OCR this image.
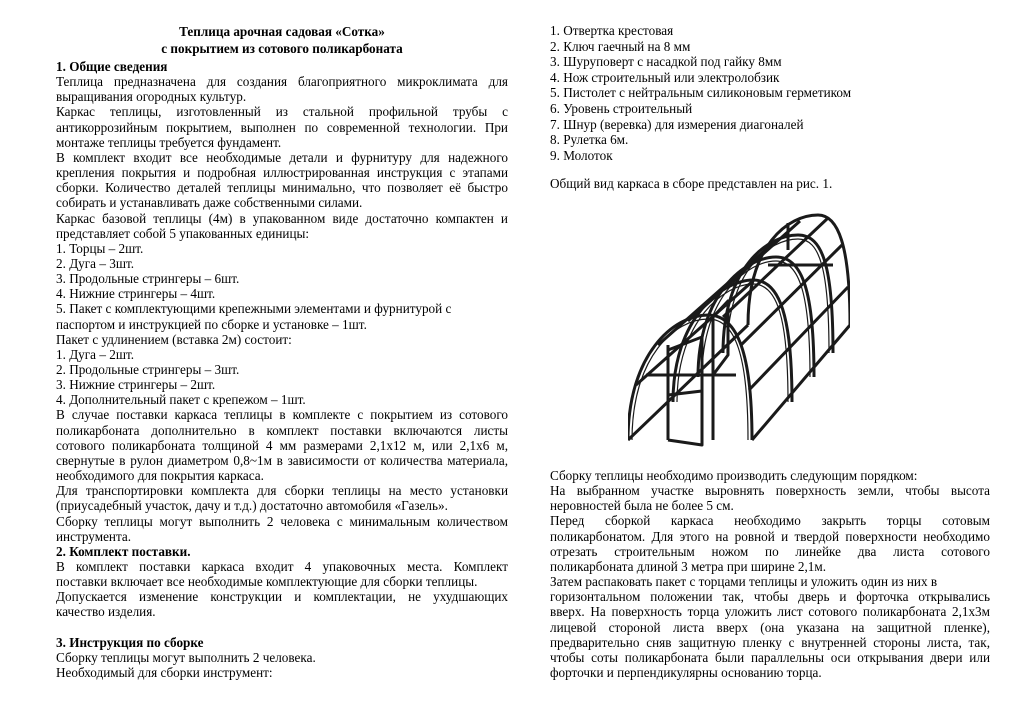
Теплица арочная садовая «Сотка»
с покрытием из сотового поликарбоната
1. Общие сведения
Теплица предназначена для создания благоприятного микроклимата для
выращивания огородных культур.
Каркас теплицы, изготовленный из стальной профильной трубы с
антикоррозийным покрытием, выполнен по современной технологии. При
монтаже теплицы требуется фундамент.
В комплект входит все необходимые детали и фурнитуру для надежного
крепления покрытия и подробная иллюстрированная инструкция с этапами
сборки. Количество деталей теплицы минимально, что позволяет её быстро
собирать и устанавливать даже собственными силами.
Каркас базовой теплицы (4м) в упакованном виде достаточно компактен и
представляет собой 5 упакованных единицы:
1. Торцы – 2шт.
2. Дуга – 3шт.
3. Продольные стрингеры – 6шт.
4. Нижние стрингеры – 4шт.
5. Пакет с комплектующими крепежными элементами и фурнитурой с
паспортом и инструкцией по сборке и установке – 1шт.
Пакет с удлинением (вставка 2м) состоит:
1. Дуга – 2шт.
2. Продольные стрингеры – 3шт.
3. Нижние стрингеры – 2шт.
4. Дополнительный пакет с крепежом – 1шт.
В случае поставки каркаса теплицы в комплекте с покрытием из сотового
поликарбоната дополнительно в комплект поставки включаются листы
сотового поликарбоната толщиной 4 мм размерами 2,1х12 м, или 2,1х6 м,
свернутые в рулон диаметром 0,8~1м в зависимости от количества материала,
необходимого для покрытия каркаса.
Для транспортировки комплекта для сборки теплицы на место установки
(приусадебный участок, дачу и т.д.) достаточно автомобиля «Газель».
Сборку теплицы могут выполнить 2 человека с минимальным количеством
инструмента.
2. Комплект поставки.
В комплект поставки каркаса входит 4 упаковочных места. Комплект
поставки включает все необходимые комплектующие для сборки теплицы.
Допускается изменение конструкции и комплектации, не ухудшающих
качество изделия.
3. Инструкция по сборке
Сборку теплицы могут выполнить 2 человека.
Необходимый для сборки инструмент:
1. Отвертка крестовая
2. Ключ гаечный на 8 мм
3. Шуруповерт с насадкой под гайку 8мм
4. Нож строительный или электролобзик
5. Пистолет с нейтральным силиконовым герметиком
6. Уровень строительный
7. Шнур (веревка) для измерения диагоналей
8. Рулетка 6м.
9. Молоток
Общий вид каркаса в сборе представлен на рис. 1.
Сборку теплицы необходимо производить следующим порядком:
На выбранном участке выровнять поверхность земли, чтобы высота
неровностей была не более 5 см.
Перед сборкой каркаса необходимо закрыть торцы сотовым
поликарбонатом. Для этого на ровной и твердой поверхности необходимо
отрезать строительным ножом по линейке два листа сотового
поликарбоната длиной 3 метра при ширине 2,1м.
Затем распаковать пакет с торцами теплицы и уложить один из них в
горизонтальном положении так, чтобы дверь и форточка открывались
вверх. На поверхность торца уложить лист сотового поликарбоната 2,1х3м
лицевой стороной листа вверх (она указана на защитной пленке),
предварительно сняв защитную пленку с внутренней стороны листа, так,
чтобы соты поликарбоната были параллельны оси открывания двери или
форточки и перпендикулярны основанию торца.
